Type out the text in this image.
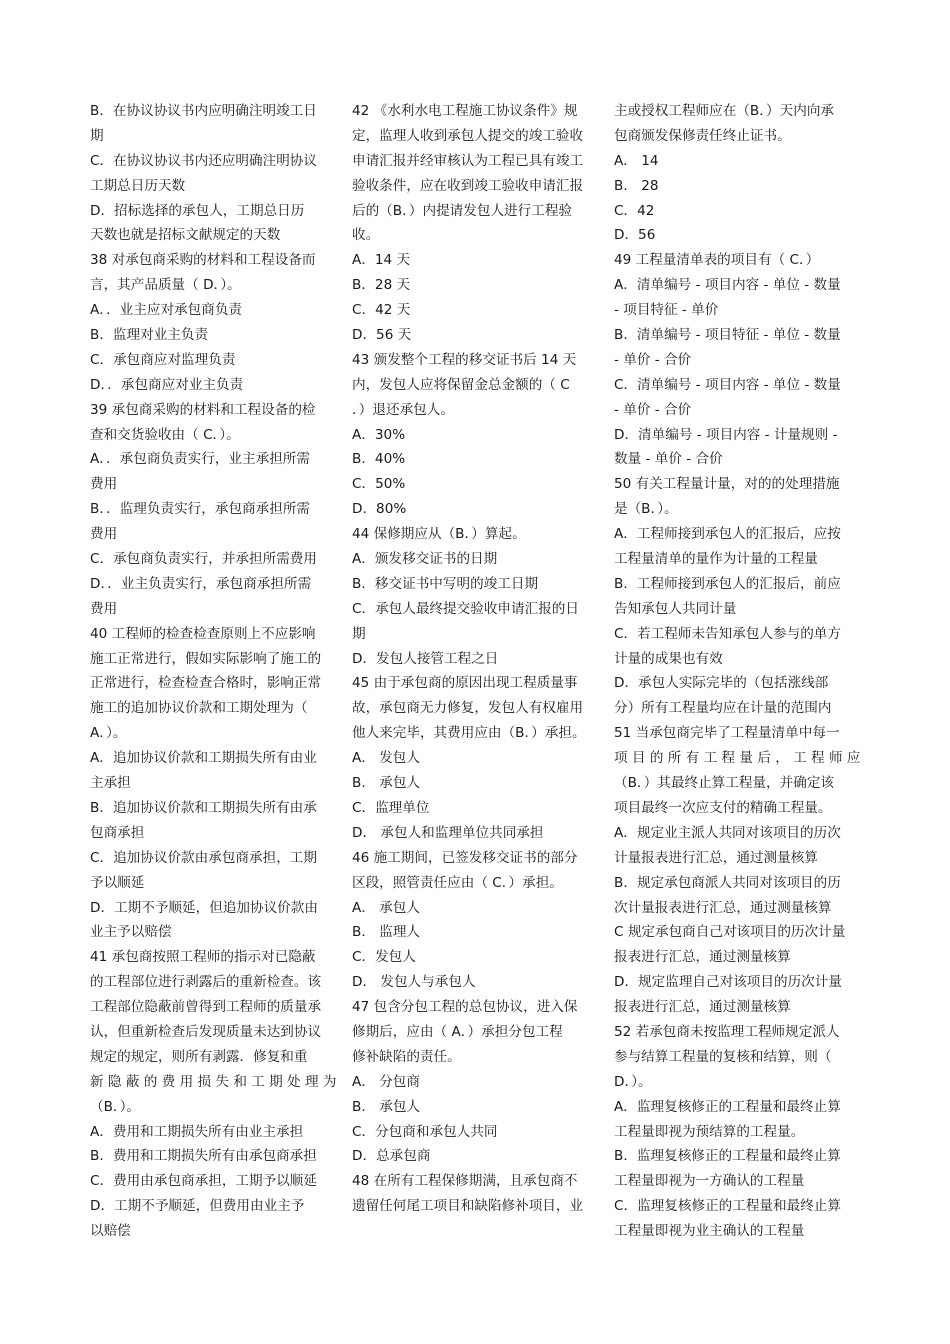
B．在协议协议书内应明确注明竣工日
期
C．在协议协议书内还应明确注明协议
工期总日历天数
D．招标选择的承包人，工期总日历
天数也就是招标文献规定的天数
38 对承包商采购的材料和工程设备而
言，其产品质量（ D．）。
A．．业主应对承包商负责
B．监理对业主负责
C．承包商应对监理负责
D．．承包商应对业主负责
39 承包商采购的材料和工程设备的检
查和交货验收由（ C．）。
A．．承包商负责实行，业主承担所需
费用
B．．监理负责实行，承包商承担所需
费用
C．承包商负责实行，并承担所需费用
D．．业主负责实行，承包商承担所需
费用
40 工程师的检查检查原则上不应影响
施工正常进行，假如实际影响了施工的
正常进行，检查检查合格时，影响正常
施工的追加协议价款和工期处理为（
A．）。
A．追加协议价款和工期损失所有由业
主承担
B．追加协议价款和工期损失所有由承
包商承担
C．追加协议价款由承包商承担，工期
予以顺延
D．工期不予顺延，但追加协议价款由
业主予以赔偿
41 承包商按照工程师的指示对已隐蔽
的工程部位进行剥露后的重新检查。该
工程部位隐蔽前曾得到工程师的质量承
认，但重新检查后发现质量未达到协议
规定的规定，则所有剥露．修复和重
新 隐 蔽 的 费 用 损 失 和 工 期 处 理 为
（B．）。
A．费用和工期损失所有由业主承担
B．费用和工期损失所有由承包商承担
C．费用由承包商承担，工期予以顺延
D．工期不予顺延，但费用由业主予
以赔偿
42 《水利水电工程施工协议条件》规
定，监理人收到承包人提交的竣工验收
申请汇报并经审核认为工程已具有竣工
验收条件，应在收到竣工验收申请汇报
后的（B．）内提请发包人进行工程验
收。
A．14 天
B．28 天
C．42 天
D．56 天
43 颁发整个工程的移交证书后 14 天
内，发包人应将保留金总金额的（ C
．）退还承包人。
A．30%
B．40%
C．50%
D．80%
44 保修期应从（B．）算起。
A．颁发移交证书的日期
B．移交证书中写明的竣工日期
C．承包人最终提交验收申请汇报的日
期
D．发包人接管工程之日
45 由于承包商的原因出现工程质量事
故，承包商无力修复，发包人有权雇用
他人来完毕，其费用应由（B．）承担。
A． 发包人
B． 承包人
C．监理单位
D． 承包人和监理单位共同承担
46 施工期间，已签发移交证书的部分
区段，照管责任应由（ C．）承担。
A． 承包人
B． 监理人
C．发包人
D． 发包人与承包人
47 包含分包工程的总包协议，进入保
修期后，应由（ A．）承担分包工程
修补缺陷的责任。
A． 分包商
B． 承包人
C．分包商和承包人共同
D．总承包商
48 在所有工程保修期满，且承包商不
遗留任何尾工项目和缺陷修补项目，业
主或授权工程师应在（B．）天内向承
包商颁发保修责任终止证书。
A． 14
B． 28
C．42
D．56
49 工程量清单表的项目有（ C．）
A．清单编号 - 项目内容 - 单位 - 数量
- 项目特征 - 单价
B．清单编号 - 项目特征 - 单位 - 数量
- 单价 - 合价
C．清单编号 - 项目内容 - 单位 - 数量
- 单价 - 合价
D．清单编号 - 项目内容 - 计量规则 -
数量 - 单价 - 合价
50 有关工程量计量，对的的处理措施
是（B．）。
A．工程师接到承包人的汇报后，应按
工程量清单的量作为计量的工程量
B．工程师接到承包人的汇报后，前应
告知承包人共同计量
C．若工程师未告知承包人参与的单方
计量的成果也有效
D．承包人实际完毕的（包括涨线部
分）所有工程量均应在计量的范围内
51 当承包商完毕了工程量清单中每一
项 目 的 所 有 工 程 量 后 ， 工 程 师 应
（B．）其最终止算工程量，并确定该
项目最终一次应支付的精确工程量。
A．规定业主派人共同对该项目的历次
计量报表进行汇总，通过测量核算
B．规定承包商派人共同对该项目的历
次计量报表进行汇总，通过测量核算
C 规定承包商自己对该项目的历次计量
报表进行汇总，通过测量核算
D．规定监理自己对该项目的历次计量
报表进行汇总，通过测量核算
52 若承包商未按监理工程师规定派人
参与结算工程量的复核和结算，则（
D．）。
A．监理复核修正的工程量和最终止算
工程量即视为预结算的工程量。
B．监理复核修正的工程量和最终止算
工程量即视为一方确认的工程量
C．监理复核修正的工程量和最终止算
工程量即视为业主确认的工程量
